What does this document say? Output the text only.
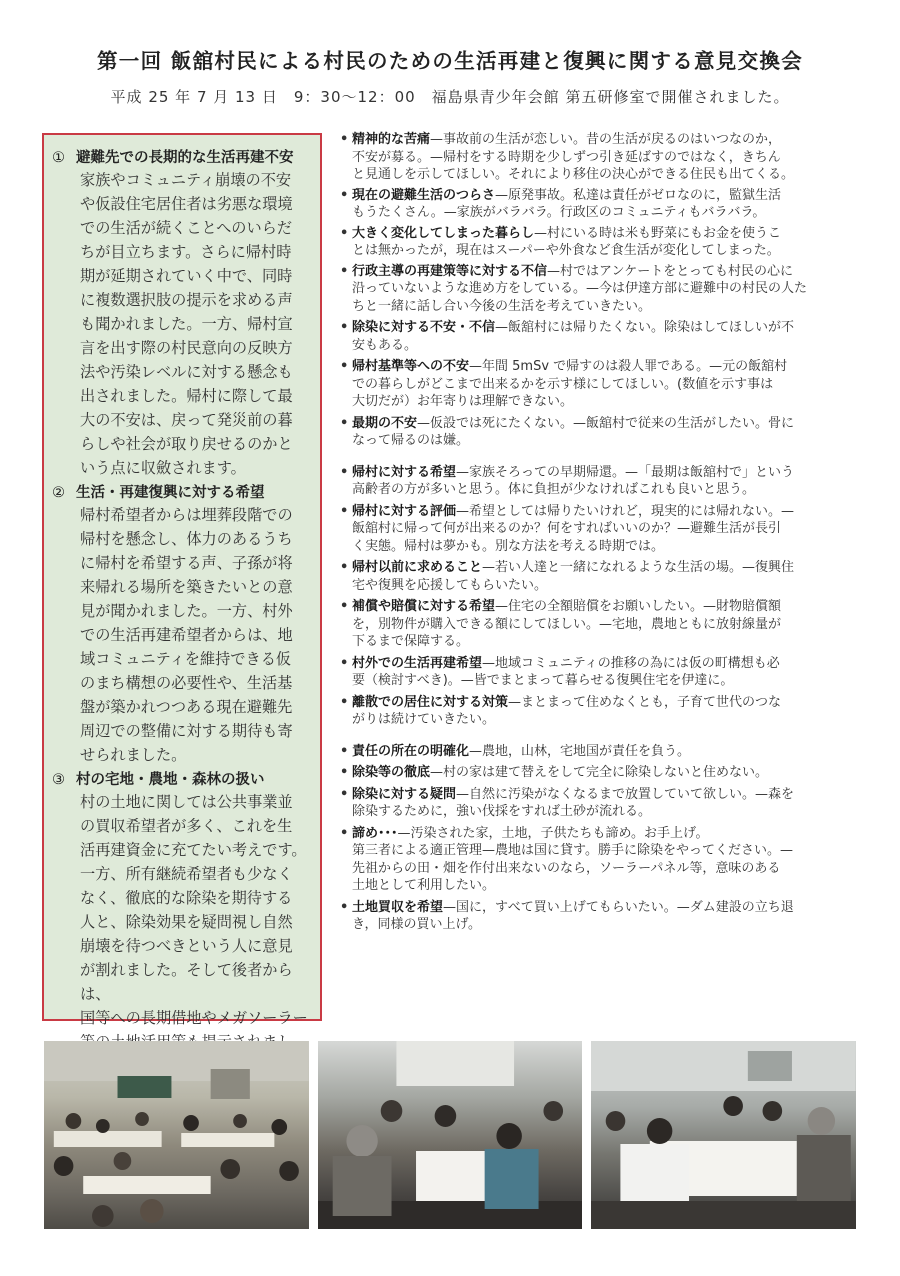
第一回 飯舘村民による村民のための生活再建と復興に関する意見交換会
平成 25 年 7 月 13 日　9：30〜12：00　福島県青少年会館 第五研修室で開催されました。
① 避難先での長期的な生活再建不安
家族やコミュニティ崩壊の不安
や仮設住宅居住者は劣悪な環境
での生活が続くことへのいらだ
ちが目立ちます。さらに帰村時
期が延期されていく中で、同時
に複数選択肢の提示を求める声
も聞かれました。一方、帰村宣
言を出す際の村民意向の反映方
法や汚染レベルに対する懸念も
出されました。帰村に際して最
大の不安は、戻って発災前の暮
らしや社会が取り戻せるのかと
いう点に収斂されます。
② 生活・再建復興に対する希望
帰村希望者からは埋葬段階での
帰村を懸念し、体力のあるうち
に帰村を希望する声、子孫が将
来帰れる場所を築きたいとの意
見が聞かれました。一方、村外
での生活再建希望者からは、地
域コミュニティを維持できる仮
のまち構想の必要性や、生活基
盤が築かれつつある現在避難先
周辺での整備に対する期待も寄
せられました。
③ 村の宅地・農地・森林の扱い
村の土地に関しては公共事業並
の買収希望者が多く、これを生
活再建資金に充てたい考えです。
一方、所有継続希望者も少なく
なく、徹底的な除染を期待する
人と、除染効果を疑問視し自然
崩壊を待つべきという人に意見
が割れました。そして後者からは、
国等への長期借地やメガソーラー
• 精神的な苦痛—事故前の生活が恋しい。昔の生活が戻るのはいつなのか，
不安が募る。—帰村をする時期を少しずつ引き延ばすのではなく，きちん
と見通しを示してほしい。それにより移住の決心ができる住民も出てくる。
• 現在の避難生活のつらさ—原発事故。私達は責任がゼロなのに，監獄生活
もうたくさん。—家族がバラバラ。行政区のコミュニティもバラバラ。
• 大きく変化してしまった暮らし—村にいる時は米も野菜にもお金を使うこ
とは無かったが，現在はスーパーや外食など食生活が変化してしまった。
• 行政主導の再建策等に対する不信—村ではアンケートをとっても村民の心に
沿っていないような進め方をしている。—今は伊達方部に避難中の村民の人た
ちと一緒に話し合い今後の生活を考えていきたい。
• 除染に対する不安・不信—飯舘村には帰りたくない。除染はしてほしいが不
安もある。
• 帰村基準等への不安—年間 5mSv で帰すのは殺人罪である。—元の飯舘村
での暮らしがどこまで出来るかを示す様にしてほしい。(数値を示す事は
大切だが）お年寄りは理解できない。
• 最期の不安—仮設では死にたくない。—飯舘村で従来の生活がしたい。骨に
なって帰るのは嫌。
• 帰村に対する希望—家族そろっての早期帰還。—「最期は飯舘村で」という
高齢者の方が多いと思う。体に負担が少なければこれも良いと思う。
• 帰村に対する評価—希望としては帰りたいけれど，現実的には帰れない。—
飯舘村に帰って何が出来るのか？何をすればいいのか？—避難生活が長引
く実態。帰村は夢かも。別な方法を考える時期では。
• 帰村以前に求めること—若い人達と一緒になれるような生活の場。—復興住
宅や復興を応援してもらいたい。
• 補償や賠償に対する希望—住宅の全額賠償をお願いしたい。—財物賠償額
を，別物件が購入できる額にしてほしい。—宅地，農地ともに放射線量が
下るまで保障する。
• 村外での生活再建希望—地域コミュニティの推移の為には仮の町構想も必
要（検討すべき)。—皆でまとまって暮らせる復興住宅を伊達に。
• 離散での居住に対する対策—まとまって住めなくとも，子育て世代のつな
がりは続けていきたい。
• 責任の所在の明確化—農地，山林，宅地国が責任を負う。
• 除染等の徹底—村の家は建て替えをして完全に除染しないと住めない。
• 除染に対する疑問—自然に汚染がなくなるまで放置していて欲しい。—森を
除染するために，強い伐採をすれば土砂が流れる。
• 諦め･･･—汚染された家，土地，子供たちも諦め。お手上げ。
第三者による適正管理—農地は国に貸す。勝手に除染をやってください。—
先祖からの田・畑を作付出来ないのなら，ソーラーパネル等，意味のある
土地として利用したい。
• 土地買収を希望—国に，すべて買い上げてもらいたい。—ダム建設の立ち退
き，同様の買い上げ。
